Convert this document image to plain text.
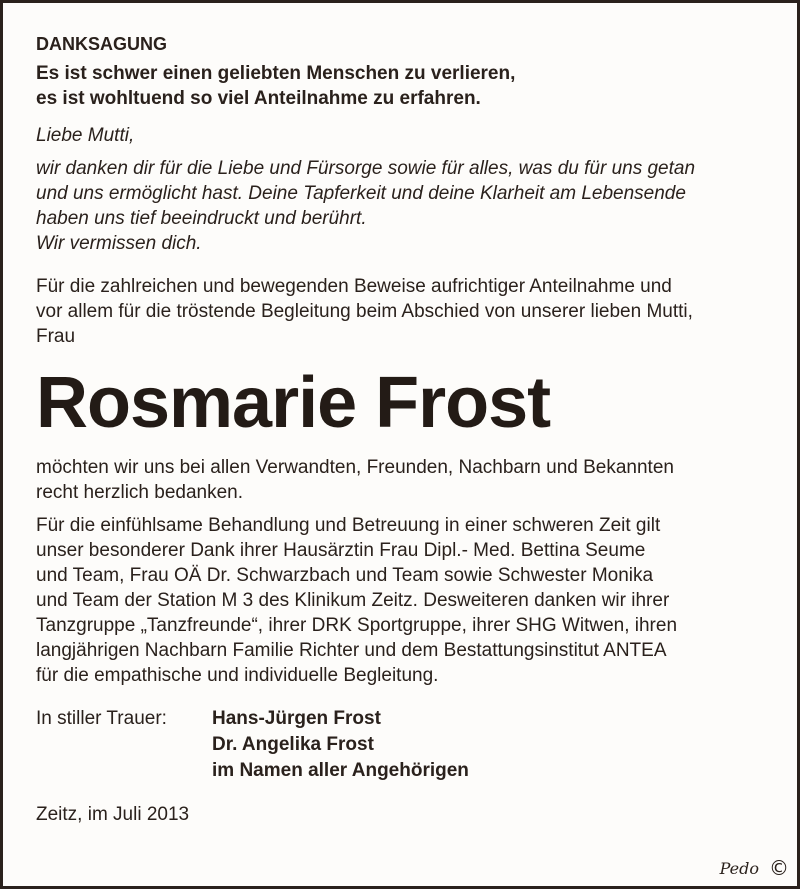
DANKSAGUNG
Es ist schwer einen geliebten Menschen zu verlieren,
es ist wohltuend so viel Anteilnahme zu erfahren.
Liebe Mutti,
wir danken dir für die Liebe und Fürsorge sowie für alles, was du für uns getan
und uns ermöglicht hast. Deine Tapferkeit und deine Klarheit am Lebensende
haben uns tief beeindruckt und berührt.
Wir vermissen dich.
Für die zahlreichen und bewegenden Beweise aufrichtiger Anteilnahme und
vor allem für die tröstende Begleitung beim Abschied von unserer lieben Mutti,
Frau
Rosmarie Frost
möchten wir uns bei allen Verwandten, Freunden, Nachbarn und Bekannten
recht herzlich bedanken.
Für die einfühlsame Behandlung und Betreuung in einer schweren Zeit gilt
unser besonderer Dank ihrer Hausärztin Frau Dipl.- Med. Bettina Seume
und Team, Frau OÄ Dr. Schwarzbach und Team sowie Schwester Monika
und Team der Station M 3 des Klinikum Zeitz. Desweiteren danken wir ihrer
Tanzgruppe „Tanzfreunde“, ihrer DRK Sportgruppe, ihrer SHG Witwen, ihren
langjährigen Nachbarn Familie Richter und dem Bestattungsinstitut ANTEA
für die empathische und individuelle Begleitung.
In stiller Trauer:	Hans-Jürgen Frost
Dr. Angelika Frost
im Namen aller Angehörigen
Zeitz, im Juli 2013
Pedo ©
